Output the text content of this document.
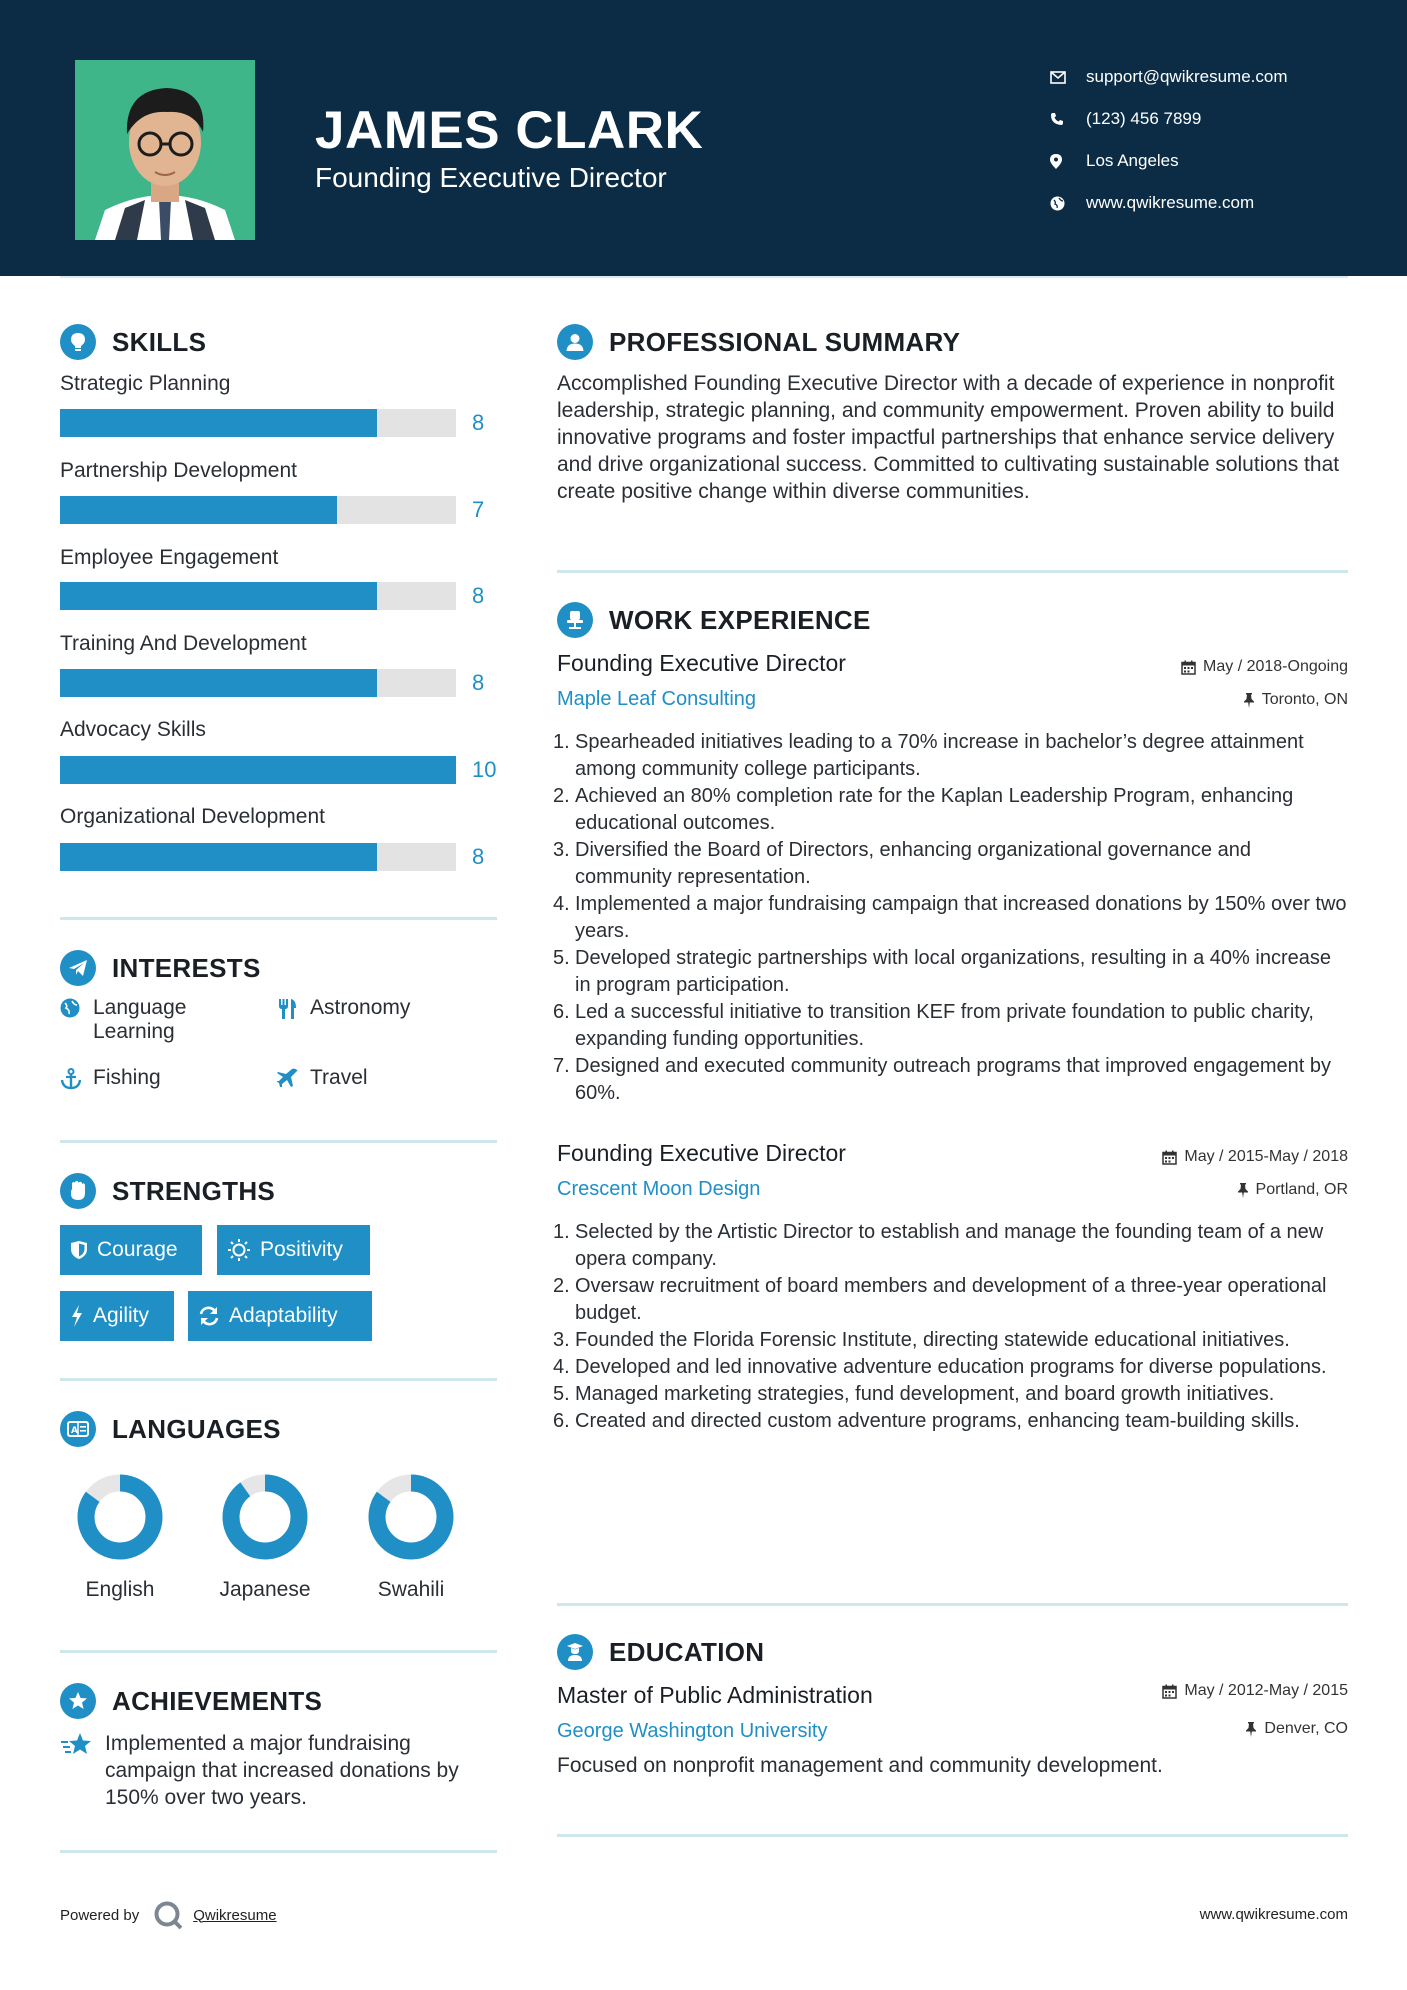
JAMES CLARK
Founding Executive Director
support@qwikresume.com
(123) 456 7899
Los Angeles
www.qwikresume.com
SKILLS
Strategic Planning
8
Partnership Development
7
Employee Engagement
8
Training And Development
8
Advocacy Skills
10
Organizational Development
8
INTERESTS
Language Learning
Astronomy
Fishing	Travel
STRENGTHS
Courage	Positivity
Agility	Adaptability
A LANGUAGES
English	Japanese	Swahili
ACHIEVEMENTS
Implemented a major fundraising campaign that increased donations by 150% over two years.
PROFESSIONAL SUMMARY

Accomplished Founding Executive Director with a decade of experience in nonprofit leadership, strategic planning, and community empowerment. Proven ability to build innovative programs and foster impactful partnerships that enhance service delivery and drive organizational success. Committed to cultivating sustainable solutions that create positive change within diverse communities.

WORK EXPERIENCE
Founding Executive Director	May / 2018-Ongoing
Maple Leaf Consulting	Toronto, ON
1. Spearheaded initiatives leading to a 70% increase in bachelor’s degree attainment among community college participants.
2. Achieved an 80% completion rate for the Kaplan Leadership Program, enhancing educational outcomes.
3. Diversified the Board of Directors, enhancing organizational governance and community representation.
4. Implemented a major fundraising campaign that increased donations by 150% over two years.
5. Developed strategic partnerships with local organizations, resulting in a 40% increase in program participation.
6. Led a successful initiative to transition KEF from private foundation to public charity, expanding funding opportunities.
7. Designed and executed community outreach programs that improved engagement by 60%.
Founding Executive Director	May / 2015-May / 2018
Crescent Moon Design	Portland, OR
1. Selected by the Artistic Director to establish and manage the founding team of a new opera company.
2. Oversaw recruitment of board members and development of a three-year operational budget.
3. Founded the Florida Forensic Institute, directing statewide educational initiatives.
4. Developed and led innovative adventure education programs for diverse populations.
5. Managed marketing strategies, fund development, and board growth initiatives.
6. Created and directed custom adventure programs, enhancing team-building skills.
EDUCATION
Master of Public Administration	May / 2012-May / 2015
George Washington University	Denver, CO
Focused on nonprofit management and community development.
Powered by	Qwikresume	www.qwikresume.com
